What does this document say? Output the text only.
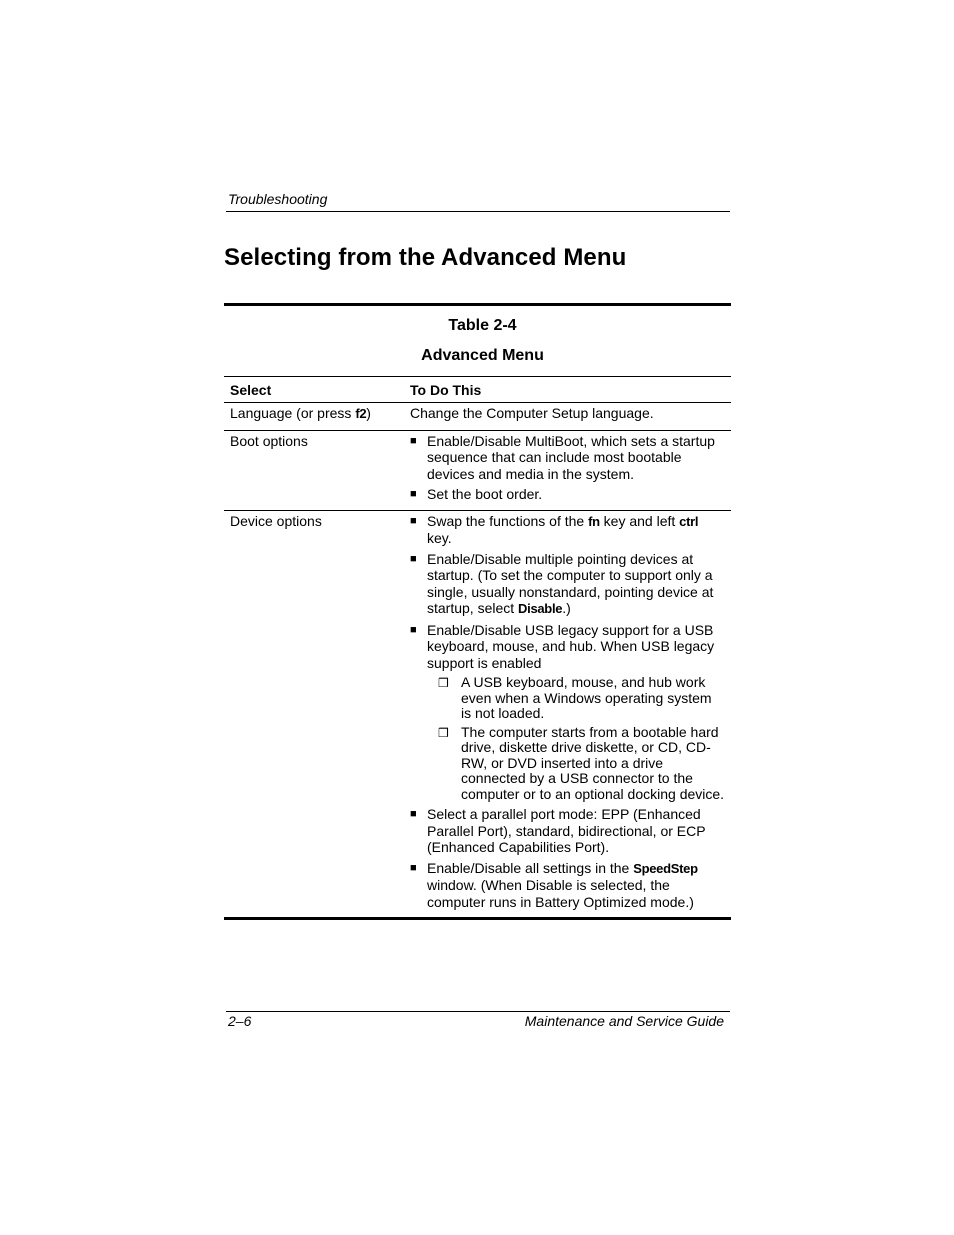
Troubleshooting
Selecting from the Advanced Menu
Table 2-4
Advanced Menu
Select	To Do This
Language (or press f2)	Change the Computer Setup language.
Boot options	■ Enable/Disable MultiBoot, which sets a startup sequence that can include most bootable devices and media in the system.
■ Set the boot order.
Device options	■ Swap the functions of the fn key and left ctrl key.
■ Enable/Disable multiple pointing devices at startup. (To set the computer to support only a single, usually nonstandard, pointing device at startup, select Disable.)
■ Enable/Disable USB legacy support for a USB keyboard, mouse, and hub. When USB legacy support is enabled
❒ A USB keyboard, mouse, and hub work even when a Windows operating system is not loaded.
❒ The computer starts from a bootable hard drive, diskette drive diskette, or CD, CD-RW, or DVD inserted into a drive connected by a USB connector to the computer or to an optional docking device.
■ Select a parallel port mode: EPP (Enhanced Parallel Port), standard, bidirectional, or ECP (Enhanced Capabilities Port).
■ Enable/Disable all settings in the SpeedStep window. (When Disable is selected, the computer runs in Battery Optimized mode.)
2–6	Maintenance and Service Guide
